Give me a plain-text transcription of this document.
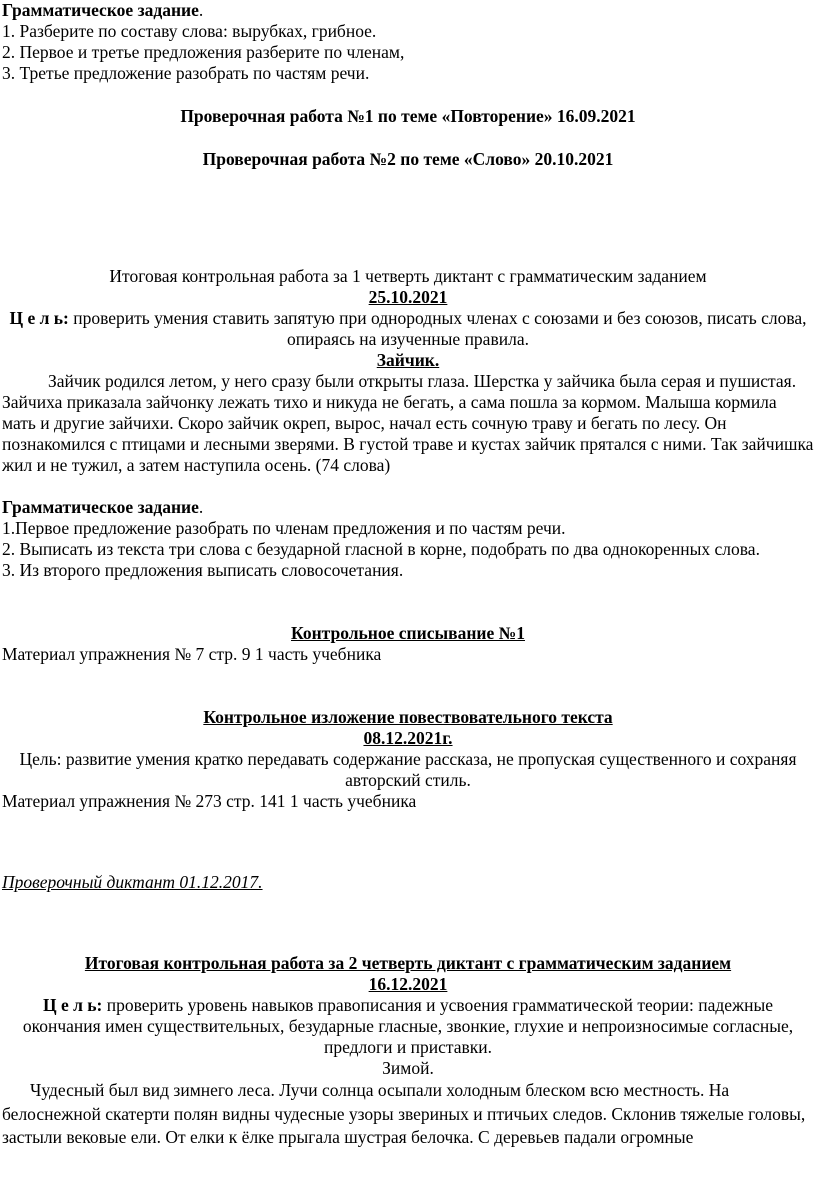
Грамматическое задание.

1. Разберите по составу слова: вырубках, грибное.

2. Первое и третье предложения разберите по членам,

3. Третье предложение разобрать по частям речи.

Проверочная работа №1 по теме «Повторение» 16.09.2021

Проверочная работа №2 по теме «Слово» 20.10.2021

Итоговая контрольная работа за 1 четверть диктант с грамматическим заданием

25.10.2021

Ц е л ь: проверить умения ставить запятую при однородных членах с союзами и без союзов, писать слова, опираясь на изученные правила.

Зайчик.

Зайчик родился летом, у него сразу были открыты глаза. Шерстка у зайчика была серая и пушистая. Зайчиха приказала зайчонку лежать тихо и никуда не бегать, а сама пошла за кормом. Малыша кормила мать и другие зайчихи. Скоро зайчик окреп, вырос, начал есть сочную траву и бегать по лесу. Он познакомился с птицами и лесными зверями. В густой траве и кустах зайчик прятался с ними. Так зайчишка жил и не тужил, а затем наступила осень. (74 слова)

Грамматическое задание.

1.Первое предложение разобрать по членам предложения и по частям речи.

2. Выписать из текста три слова с безударной гласной в корне, подобрать по два однокоренных слова.

3. Из второго предложения выписать словосочетания.

Контрольное списывание №1

Материал упражнения № 7 стр. 9 1 часть учебника

Контрольное изложение повествовательного текста

08.12.2021г.

Цель: развитие умения кратко передавать содержание рассказа, не пропуская существенного и сохраняя авторский стиль.

Материал упражнения № 273 стр. 141 1 часть учебника

Проверочный диктант 01.12.2017.

Итоговая контрольная работа за 2 четверть диктант с грамматическим заданием

16.12.2021

Ц е л ь: проверить уровень навыков правописания и усвоения грамматической теории: падежные окончания имен существительных, безударные гласные, звонкие, глухие и непроизносимые согласные, предлоги и приставки.

Зимой.

Чудесный был вид зимнего леса. Лучи солнца осыпали холодным блеском всю местность. На белоснежной скатерти полян видны чудесные узоры звериных и птичьих следов. Склонив тяжелые головы, застыли вековые ели. От елки к ёлке прыгала шустрая белочка. С деревьев падали огромные
